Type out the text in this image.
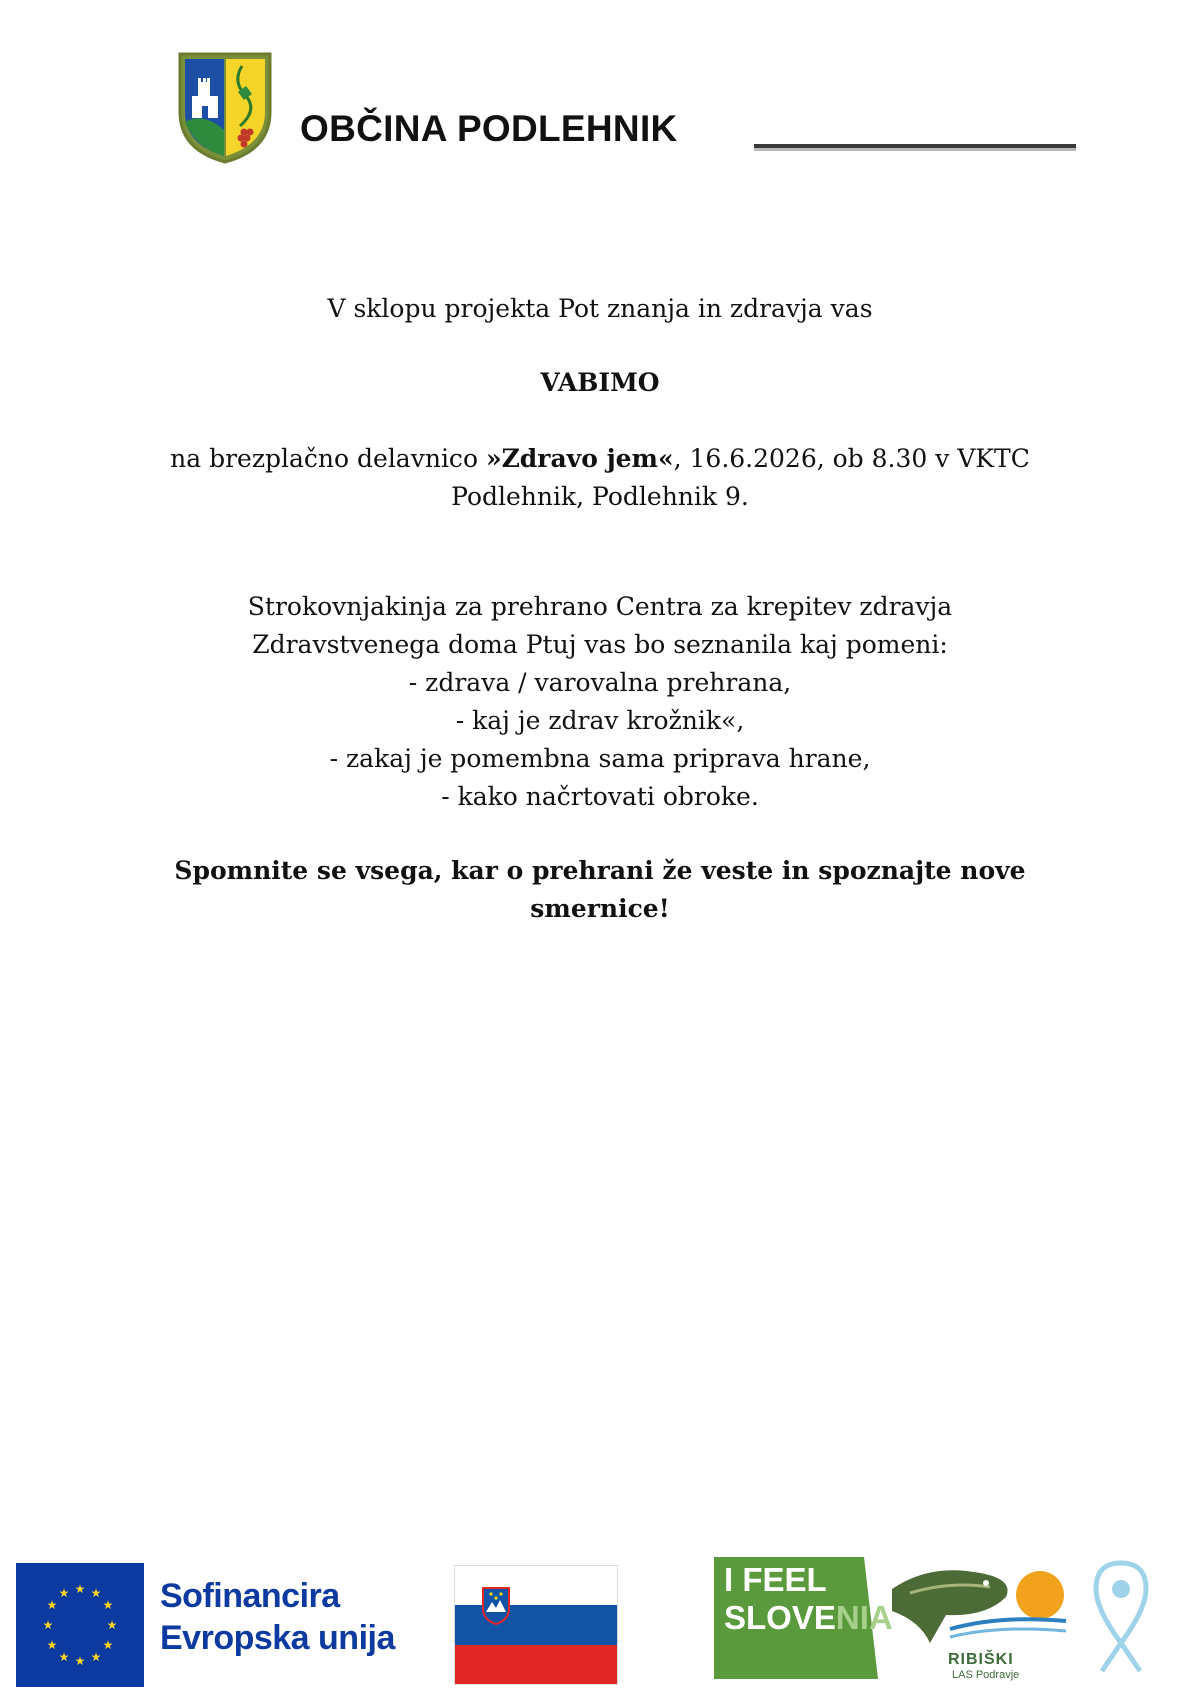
OBČINA PODLEHNIK

V sklopu projekta Pot znanja in zdravja vas

VABIMO

na brezplačno delavnico »Zdravo jem«, 16.6.2026, ob 8.30 v VKTC

Podlehnik, Podlehnik 9.

Strokovnjakinja za prehrano Centra za krepitev zdravja

Zdravstvenega doma Ptuj vas bo seznanila kaj pomeni:

- zdrava / varovalna prehrana,

- kaj je zdrav krožnik«,

- zakaj je pomembna sama priprava hrane,

- kako načrtovati obroke.

Spomnite se vsega, kar o prehrani že veste in spoznajte nove

smernice!

★ ★
★
★
★
★
★
★
★
★
★
★	Sofinancira
Evropska unija
I FEEL
SLOVENIA
RIBIŠKI
LAS Podravje
